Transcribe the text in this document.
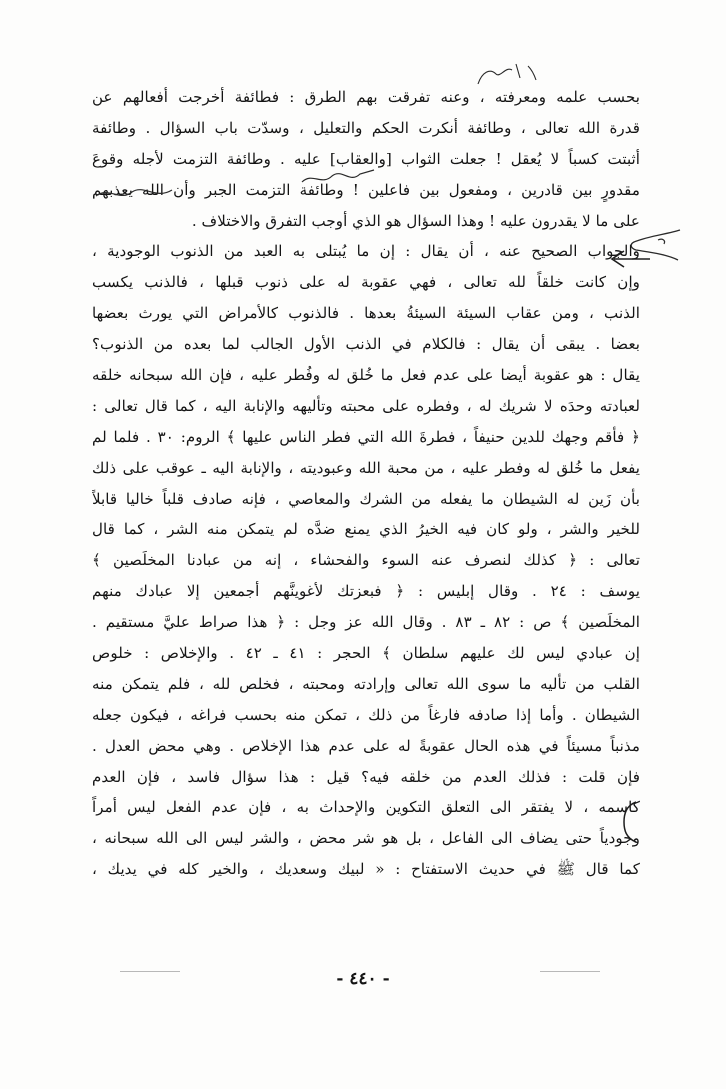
بحسب علمه ومعرفته ، وعنه تفرقت بهم الطرق : فطائفة أخرجت أفعالهم عن
قدرة الله تعالى ، وطائفة أنكرت الحكم والتعليل ، وسدّت باب السؤال . وطائفة
أثبتت كسباً لا يُعقل ! جعلت الثواب [والعقاب] عليه . وطائفة التزمت لأجله وقوعَ
مقدورٍ بين قادرين ، ومفعول بين فاعلين ! وطائفة التزمت الجبر وأن الله يعذبهم
على ما لا يقدرون عليه ! وهذا السؤال هو الذي أوجب التفرق والاختلاف .
والجواب الصحيح عنه ، أن يقال : إن ما يُبتلى به العبد من الذنوب الوجودية ،
وإن كانت خلقاً لله تعالى ، فهي عقوبة له على ذنوب قبلها ، فالذنب يكسب
الذنب ، ومن عقاب السيئة السيئةُ بعدها . فالذنوب كالأمراض التي يورث بعضها
بعضا . يبقى أن يقال : فالكلام في الذنب الأول الجالب لما بعده من الذنوب؟
يقال : هو عقوبة أيضا على عدم فعل ما خُلق له وفُطر عليه ، فإن الله سبحانه خلقه
لعبادته وحدَه لا شريك له ، وفطره على محبته وتأليهه والإنابة اليه ، كما قال تعالى :
﴿ فأقم وجهك للدين حنيفاً ، فطرةَ الله التي فطر الناس عليها ﴾ الروم: ٣٠ . فلما لم
يفعل ما خُلق له وفطر عليه ، من محبة الله وعبوديته ، والإنابة اليه ـ عوقب على ذلك
بأن زَين له الشيطان ما يفعله من الشرك والمعاصي ، فإنه صادف قلباً خاليا قابلاً
للخير والشر ، ولو كان فيه الخيرُ الذي يمنع ضدَّه لم يتمكن منه الشر ، كما قال
تعالى : ﴿ كذلك لنصرف عنه السوء والفحشاء ، إنه من عبادنا المخلَصين ﴾
يوسف : ٢٤ . وقال إبليس : ﴿ فبعزتك لأغوينَّهم أجمعين إلا عبادك منهم
المخلَصين ﴾ ص : ٨٢ ـ ٨٣ . وقال الله عز وجل : ﴿ هذا صراط عليَّ مستقيم .
إن عبادي ليس لك عليهم سلطان ﴾ الحجر : ٤١ ـ ٤٢ . والإخلاص : خلوص
القلب من تأليه ما سوى الله تعالى وإرادته ومحبته ، فخلص لله ، فلم يتمكن منه
الشيطان . وأما إذا صادفه فارغاً من ذلك ، تمكن منه بحسب فراغه ، فيكون جعله
مذنباً مسيئاً في هذه الحال عقوبةً له على عدم هذا الإخلاص . وهي محض العدل .
فإن قلت : فذلك العدم من خلقه فيه؟ قيل : هذا سؤال فاسد ، فإن العدم
كاسمه ، لا يفتقر الى التعلق التكوين والإحداث به ، فإن عدم الفعل ليس أمراً
وجودياً حتى يضاف الى الفاعل ، بل هو شر محض ، والشر ليس الى الله سبحانه ،
كما قال ﷺ في حديث الاستفتاح : « لبيك وسعديك ، والخير كله في يديك ،
- ٤٤٠ -
